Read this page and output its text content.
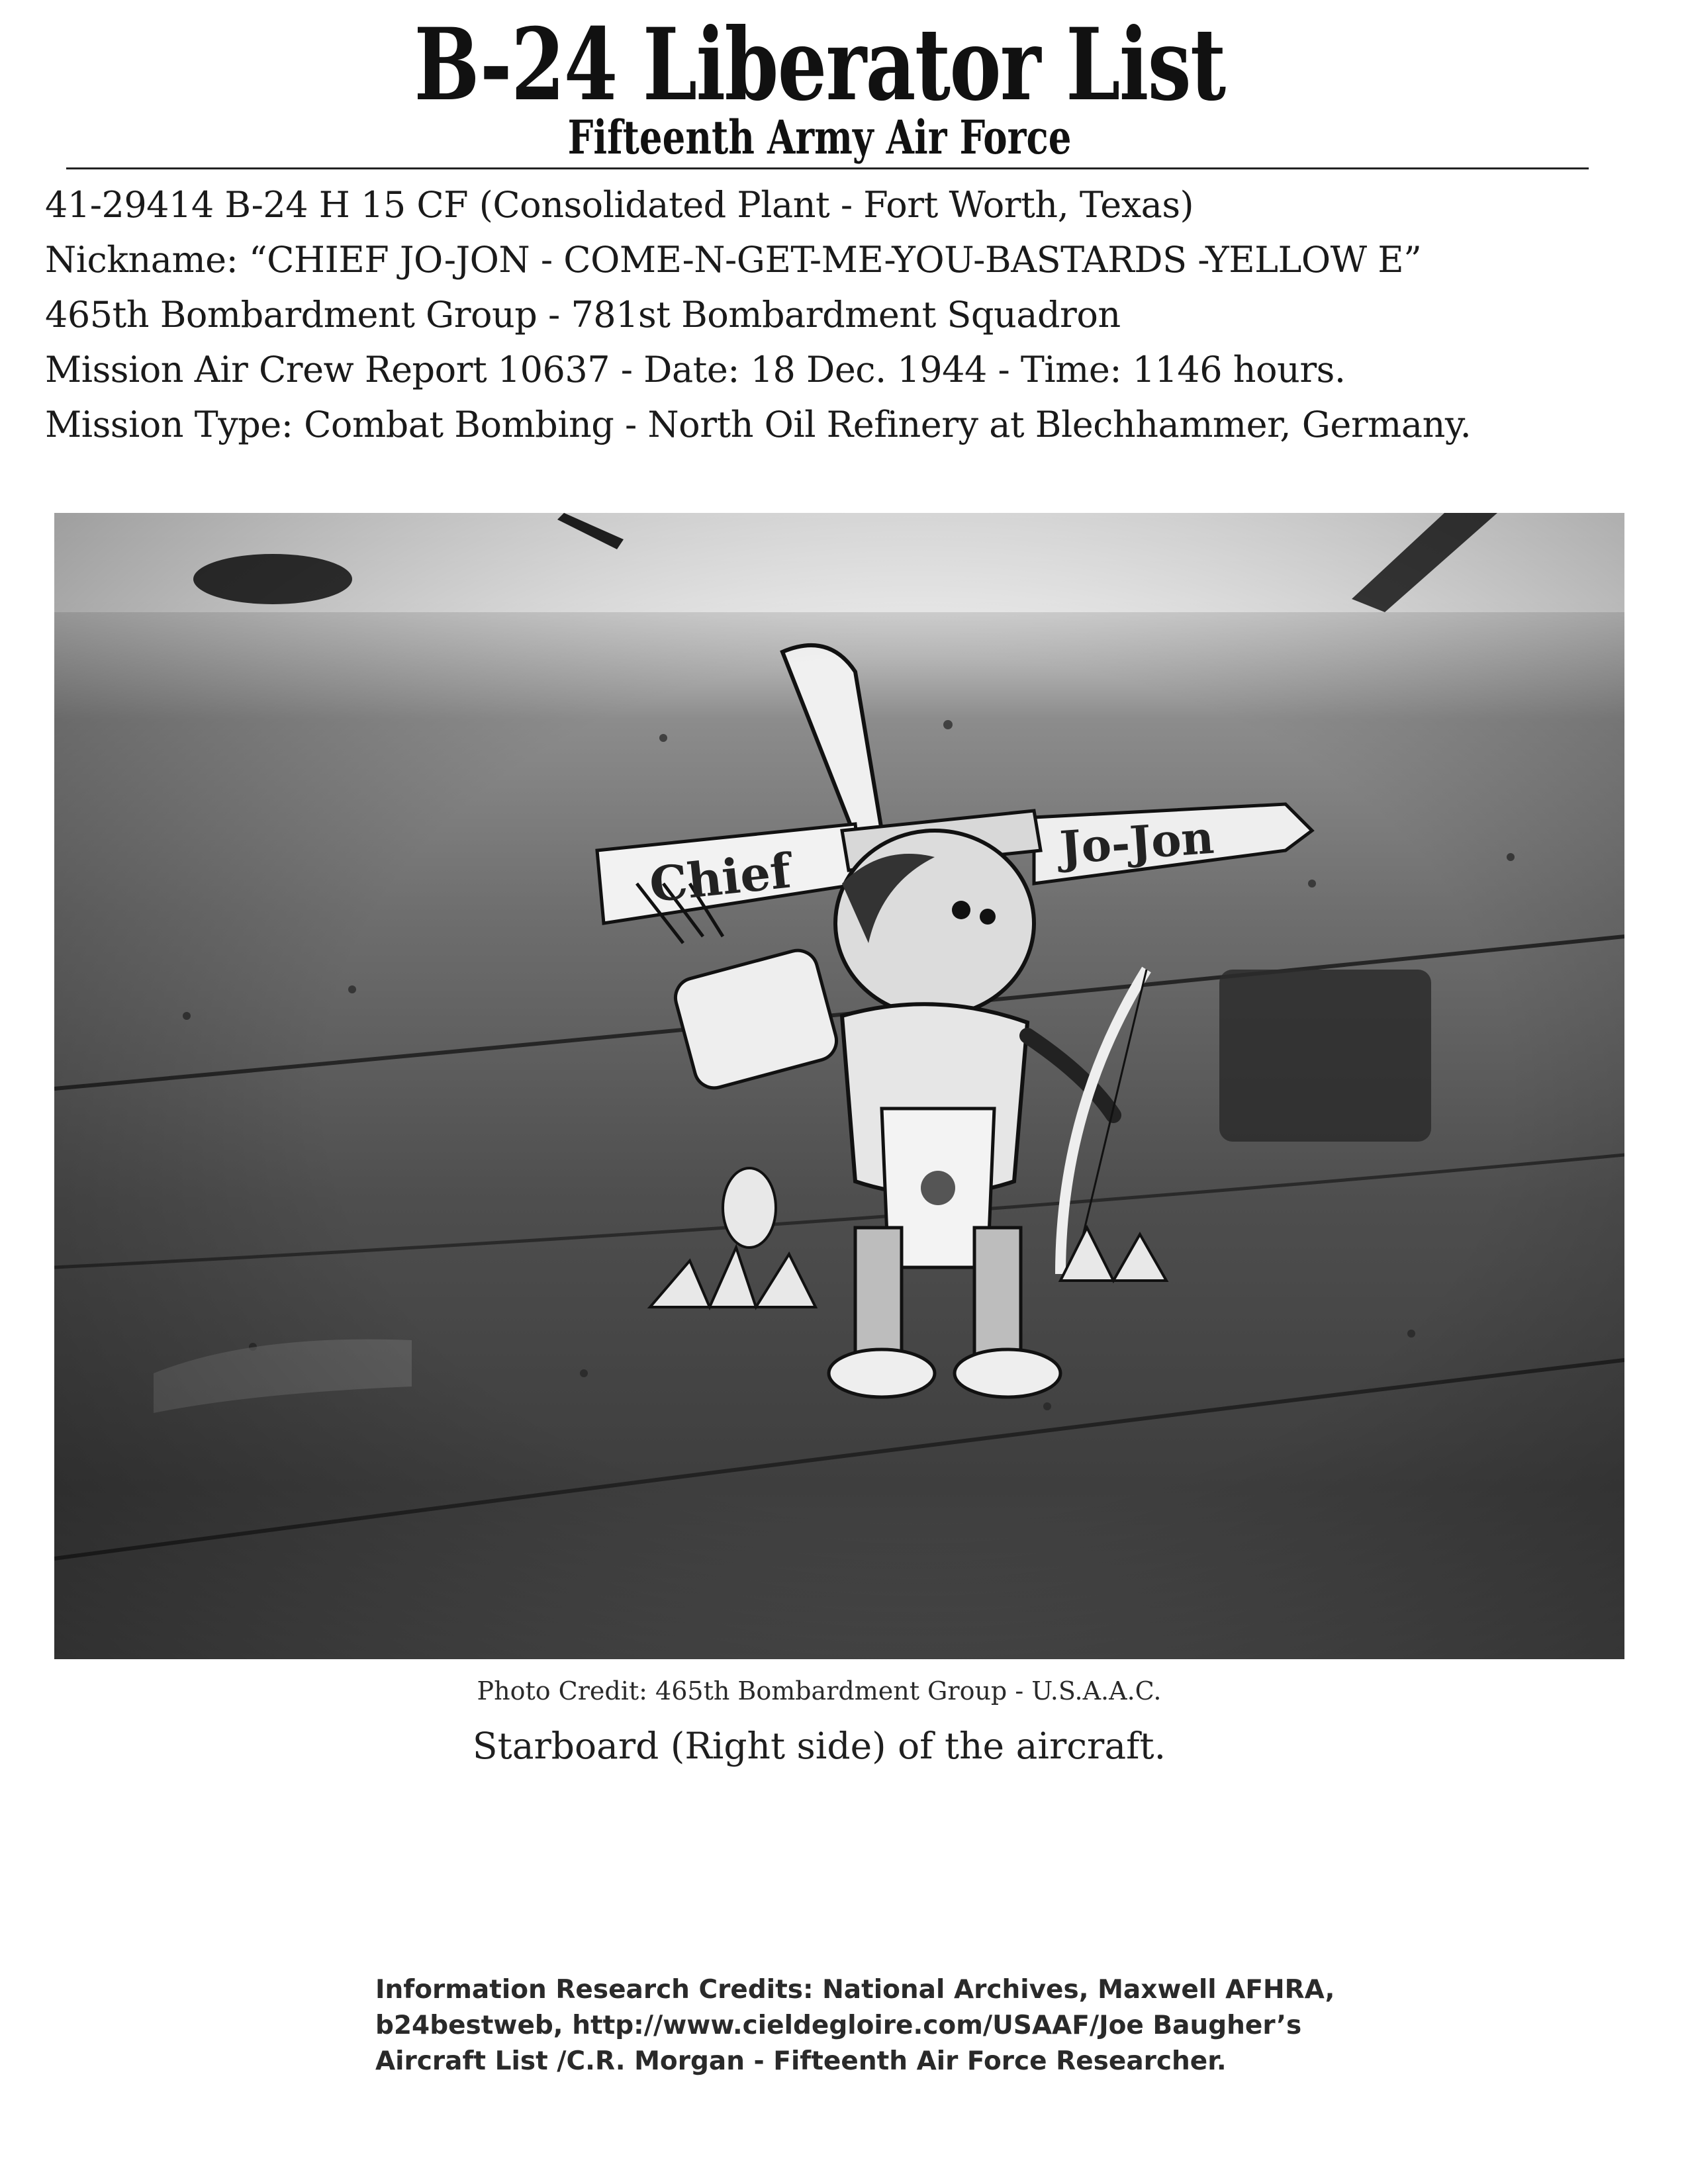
B-24 Liberator List
Fifteenth Army Air Force
41-29414 B-24 H 15 CF (Consolidated Plant - Fort Worth, Texas)
Nickname: “CHIEF JO-JON - COME-N-GET-ME-YOU-BASTARDS -YELLOW E”
465th Bombardment Group - 781st Bombardment Squadron
Mission Air Crew Report 10637 - Date: 18 Dec. 1944 - Time: 1146 hours.
Mission Type: Combat Bombing - North Oil Refinery at Blechhammer, Germany.
Photo Credit: 465th Bombardment Group - U.S.A.A.C.
Starboard (Right side) of the aircraft.
Information Research Credits: National Archives, Maxwell AFHRA,
b24bestweb, http://www.cieldegloire.com/USAAF/Joe Baugher’s
Aircraft List /C.R. Morgan - Fifteenth Air Force Researcher.
